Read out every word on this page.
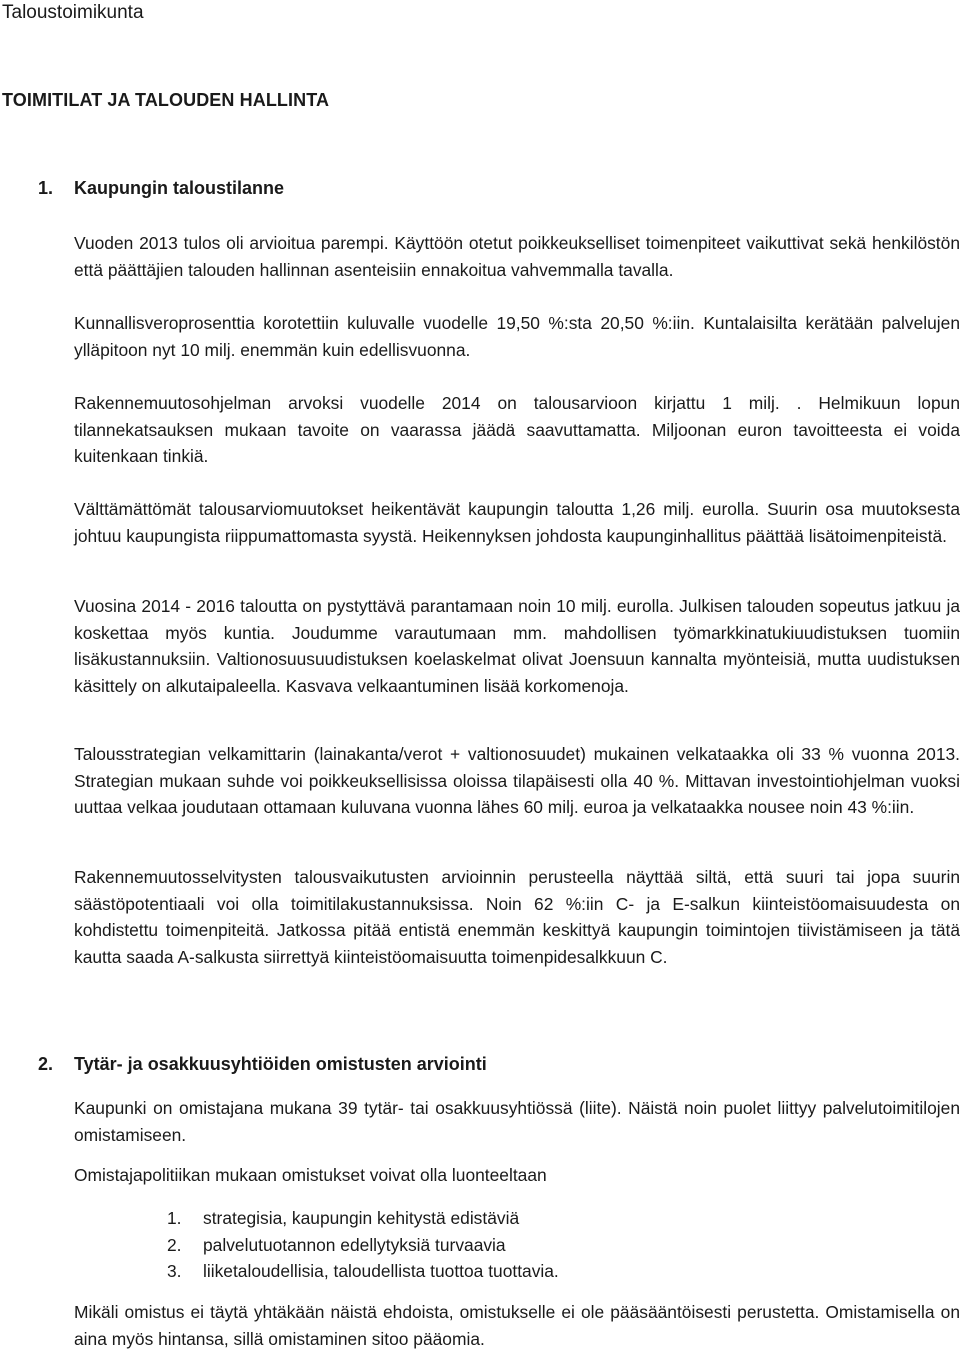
Taloustoimikunta
TOIMITILAT JA TALOUDEN HALLINTA
1. Kaupungin taloustilanne

Vuoden 2013 tulos oli arvioitua parempi. Käyttöön otetut poikkeukselliset toimenpiteet vaikuttivat sekä henkilöstön että päättäjien talouden hallinnan asenteisiin ennakoitua vahvemmalla tavalla.

Kunnallisveroprosenttia korotettiin kuluvalle vuodelle 19,50 %:sta 20,50 %:iin. Kuntalaisilta kerätään palvelujen ylläpitoon nyt 10 milj. enemmän kuin edellisvuonna.

Rakennemuutosohjelman arvoksi vuodelle 2014 on talousarvioon kirjattu 1 milj. . Helmikuun lopun tilannekatsauksen mukaan tavoite on vaarassa jäädä saavuttamatta. Miljoonan euron tavoitteesta ei voida kuitenkaan tinkiä.

Välttämättömät talousarviomuutokset heikentävät kaupungin taloutta 1,26 milj. eurolla. Suurin osa muutoksesta johtuu kaupungista riippumattomasta syystä. Heikennyksen johdosta kaupunginhallitus päättää lisätoimenpiteistä.

Vuosina 2014 - 2016 taloutta on pystyttävä parantamaan noin 10 milj. eurolla. Julkisen talouden sopeutus jatkuu ja koskettaa myös kuntia. Joudumme varautumaan mm. mahdollisen työmarkkinatukiuudistuksen tuomiin lisäkustannuksiin. Valtionosuusuudistuksen koelaskelmat olivat Joensuun kannalta myönteisiä, mutta uudistuksen käsittely on alkutaipaleella. Kasvava velkaantuminen lisää korkomenoja.

Talousstrategian velkamittarin (lainakanta/verot + valtionosuudet) mukainen velkataakka oli 33 % vuonna 2013. Strategian mukaan suhde voi poikkeuksellisissa oloissa tilapäisesti olla 40 %. Mittavan investointiohjelman vuoksi uuttaa velkaa joudutaan ottamaan kuluvana vuonna lähes 60 milj. euroa ja velkataakka nousee noin 43 %:iin.

Rakennemuutosselvitysten talousvaikutusten arvioinnin perusteella näyttää siltä, että suuri tai jopa suurin säästöpotentiaali voi olla toimitilakustannuksissa. Noin 62 %:iin C- ja E-salkun kiinteistöomaisuudesta on kohdistettu toimenpiteitä. Jatkossa pitää entistä enemmän keskittyä kaupungin toimintojen tiivistämiseen ja tätä kautta saada A-salkusta siirrettyä kiinteistöomaisuutta toimenpidesalkkuun C.

2. Tytär- ja osakkuusyhtiöiden omistusten arviointi

Kaupunki on omistajana mukana 39 tytär- tai osakkuusyhtiössä (liite). Näistä noin puolet liittyy palvelutoimitilojen omistamiseen.

Omistajapolitiikan mukaan omistukset voivat olla luonteeltaan

1.	strategisia, kaupungin kehitystä edistäviä
2.	palvelutuotannon edellytyksiä turvaavia
3.	liiketaloudellisia, taloudellista tuottoa tuottavia.

Mikäli omistus ei täytä yhtäkään näistä ehdoista, omistukselle ei ole pääsääntöisesti perustetta. Omistamisella on aina myös hintansa, sillä omistaminen sitoo pääomia.
